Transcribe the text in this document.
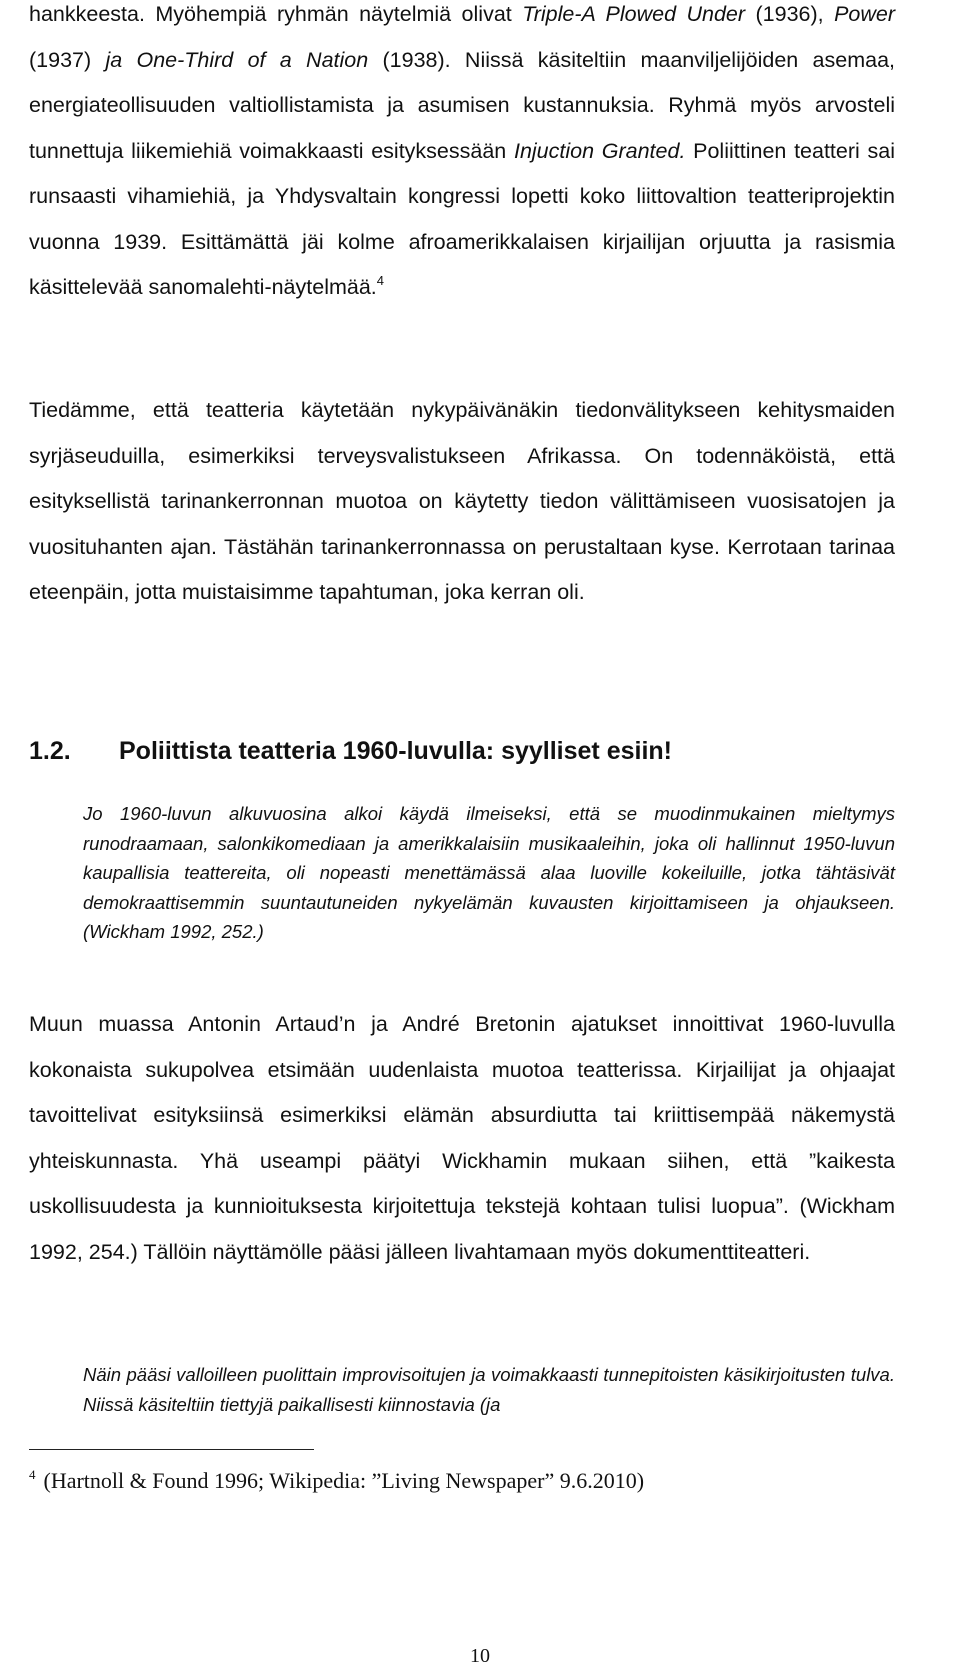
hankkeesta. Myöhempiä ryhmän näytelmiä olivat Triple-A Plowed Under (1936), Power (1937) ja One-Third of a Nation (1938). Niissä käsiteltiin maanviljelijöiden asemaa, energiateollisuuden valtiollistamista ja asumisen kustannuksia. Ryhmä myös arvosteli tunnettuja liikemiehiä voimakkaasti esityksessään Injuction Granted. Poliittinen teatteri sai runsaasti vihamiehiä, ja Yhdysvaltain kongressi lopetti koko liittovaltion teatteriprojektin vuonna 1939. Esittämättä jäi kolme afroamerikkalaisen kirjailijan orjuutta ja rasismia käsittelevää sanomalehti-näytelmää.$^4$

Tiedämme, että teatteria käytetään nykypäivänäkin tiedonvälitykseen kehitysmaiden syrjäseuduilla, esimerkiksi terveysvalistukseen Afrikassa. On todennäköistä, että esityksellistä tarinankerronnan muotoa on käytetty tiedon välittämiseen vuosisatojen ja vuosituhanten ajan. Tästähän tarinankerronnassa on perustaltaan kyse. Kerrotaan tarinaa eteenpäin, jotta muistaisimme tapahtuman, joka kerran oli.

1.2. Poliittista teatteria 1960-luvulla: syylliset esiin!

Jo 1960-luvun alkuvuosina alkoi käydä ilmeiseksi, että se muodinmukainen mieltymys runodraamaan, salonkikomediaan ja amerikkalaisiin musikaaleihin, joka oli hallinnut 1950-luvun kaupallisia teattereita, oli nopeasti menettämässä alaa luoville kokeiluille, jotka tähtäsivät demokraattisemmin suuntautuneiden nykyelämän kuvausten kirjoittamiseen ja ohjaukseen. (Wickham 1992, 252.)

Muun muassa Antonin Artaud’n ja André Bretonin ajatukset innoittivat 1960-luvulla kokonaista sukupolvea etsimään uudenlaista muotoa teatterissa. Kirjailijat ja ohjaajat tavoittelivat esityksiinsä esimerkiksi elämän absurdiutta tai kriittisempää näkemystä yhteiskunnasta. Yhä useampi päätyi Wickhamin mukaan siihen, että ”kaikesta uskollisuudesta ja kunnioituksesta kirjoitettuja tekstejä kohtaan tulisi luopua”. (Wickham 1992, 254.) Tällöin näyttämölle pääsi jälleen livahtamaan myös dokumenttiteatteri.

Näin pääsi valloilleen puolittain improvisoitujen ja voimakkaasti tunnepitoisten käsikirjoitusten tulva. Niissä käsiteltiin tiettyjä paikallisesti kiinnostavia (ja

$^4$ (Hartnoll & Found 1996; Wikipedia: ”Living Newspaper” 9.6.2010)

10
